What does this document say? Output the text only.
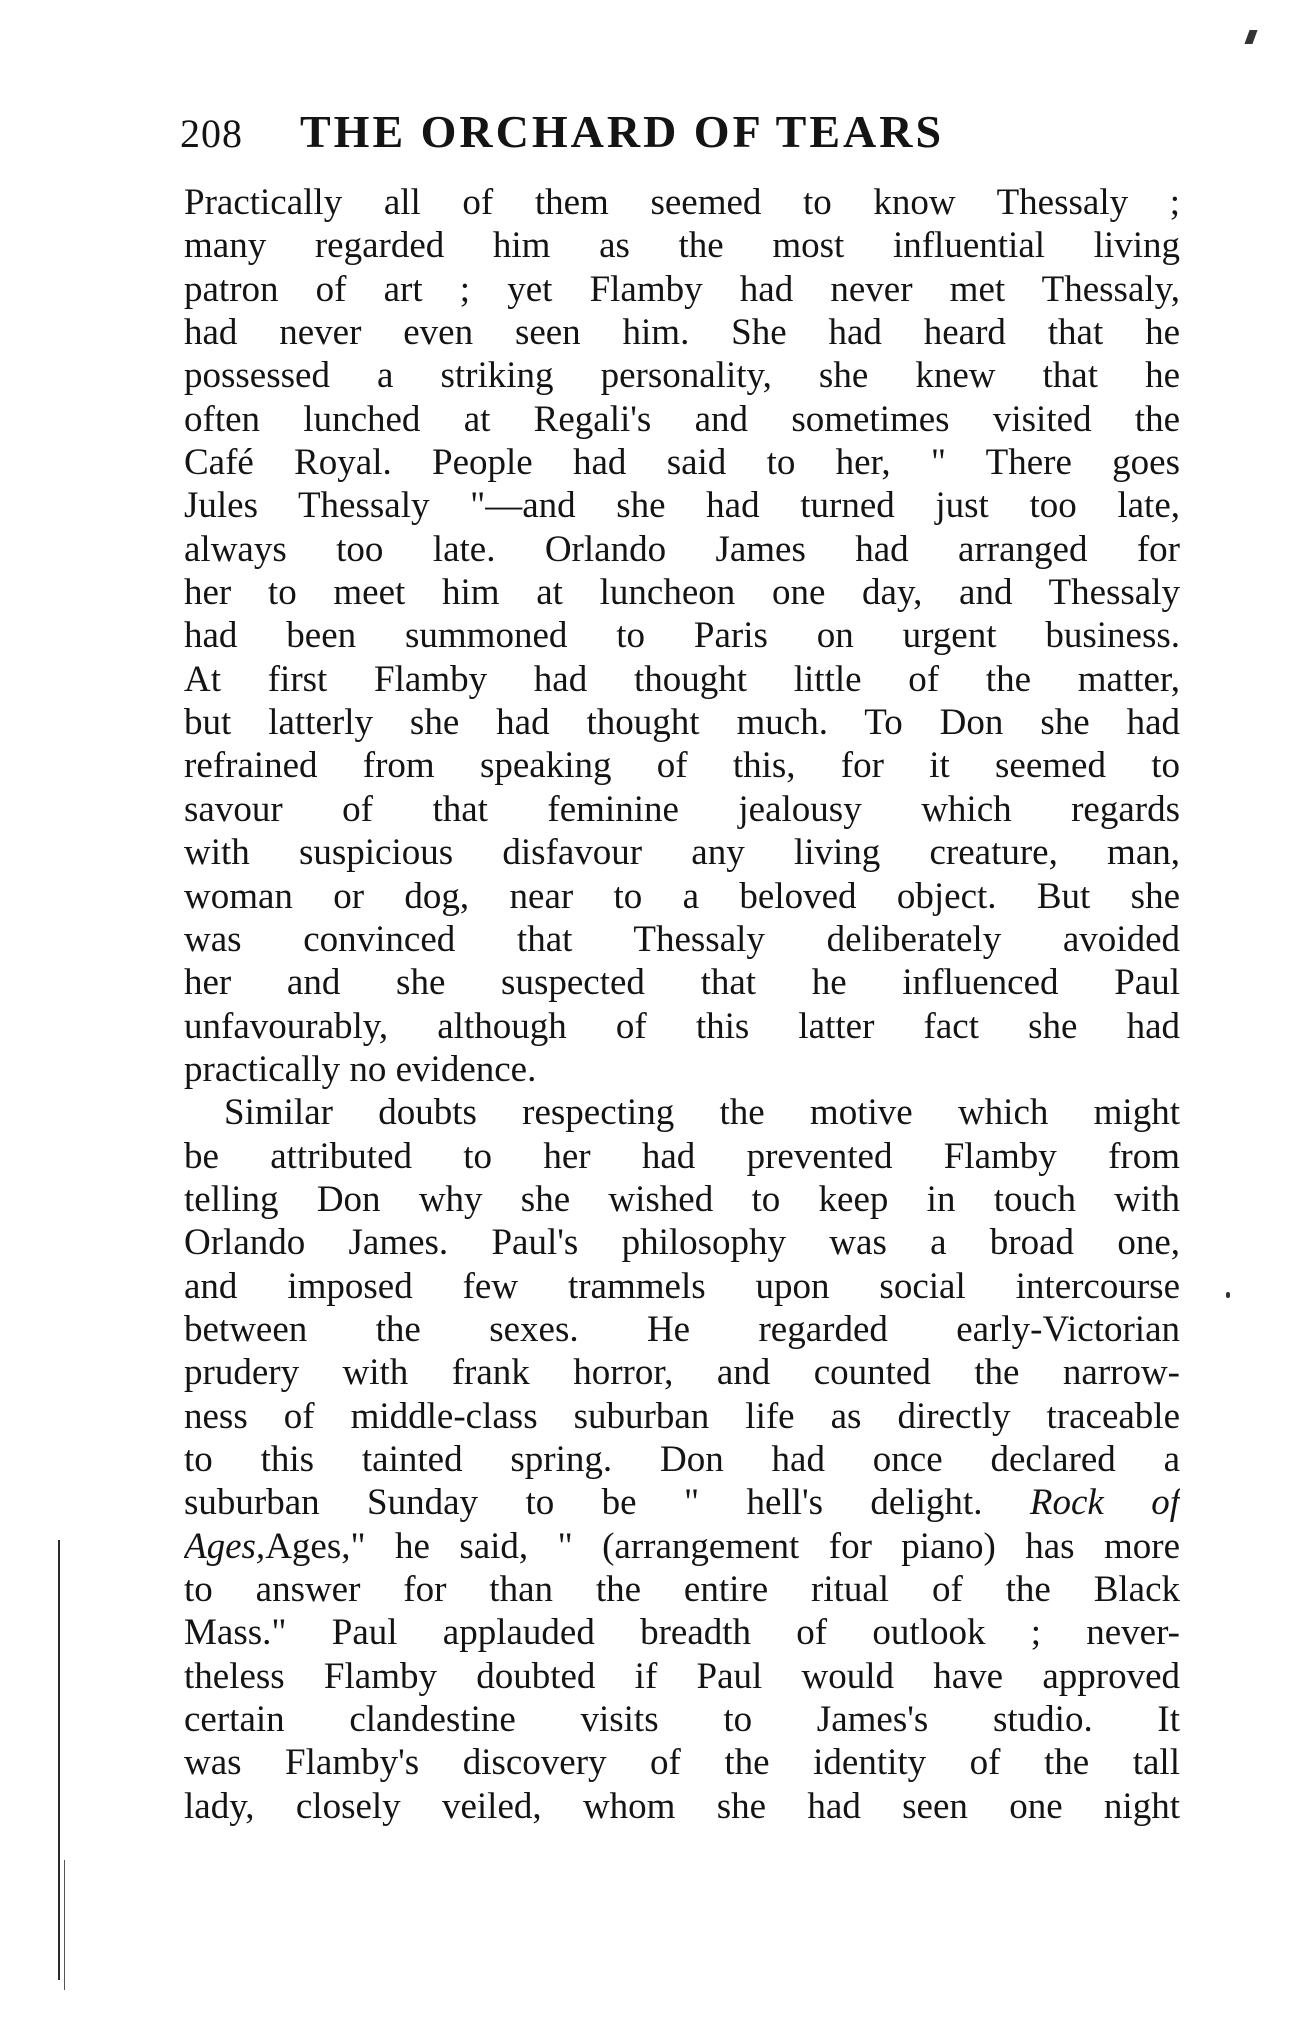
208 THE ORCHARD OF TEARS
Practically all of them seemed to know Thessaly ;
many regarded him as the most influential living
patron of art ; yet Flamby had never met Thessaly,
had never even seen him. She had heard that he
possessed a striking personality, she knew that he
often lunched at Regali's and sometimes visited the
Café Royal. People had said to her, " There goes
Jules Thessaly "—and she had turned just too late,
always too late. Orlando James had arranged for
her to meet him at luncheon one day, and Thessaly
had been summoned to Paris on urgent business.
At first Flamby had thought little of the matter,
but latterly she had thought much. To Don she had
refrained from speaking of this, for it seemed to
savour of that feminine jealousy which regards
with suspicious disfavour any living creature, man,
woman or dog, near to a beloved object. But she
was convinced that Thessaly deliberately avoided
her and she suspected that he influenced Paul
unfavourably, although of this latter fact she had
practically no evidence.
Similar doubts respecting the motive which might
be attributed to her had prevented Flamby from
telling Don why she wished to keep in touch with
Orlando James. Paul's philosophy was a broad one,
and imposed few trammels upon social intercourse
between the sexes. He regarded early-Victorian
prudery with frank horror, and counted the narrow-
ness of middle-class suburban life as directly traceable
to this tainted spring. Don had once declared a
suburban Sunday to be " hell's delight. Rock of
Ages,Ages," he said, " (arrangement for piano) has more
to answer for than the entire ritual of the Black
Mass." Paul applauded breadth of outlook ; never-
theless Flamby doubted if Paul would have approved
certain clandestine visits to James's studio. It
was Flamby's discovery of the identity of the tall
lady, closely veiled, whom she had seen one night
